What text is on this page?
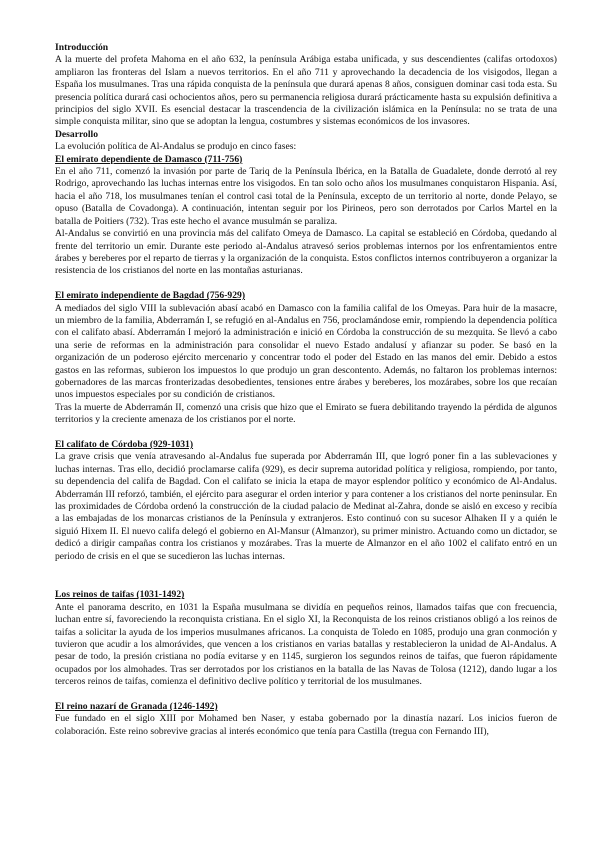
Introducción

A la muerte del profeta Mahoma en el año 632, la península Arábiga estaba unificada, y sus descendientes (califas ortodoxos) ampliaron las fronteras del Islam a nuevos territorios. En el año 711 y aprovechando la decadencia de los visigodos, llegan a España los musulmanes. Tras una rápida conquista de la península que durará apenas 8 años, consiguen dominar casi toda esta. Su presencia política durará casi ochocientos años, pero su permanencia religiosa durará prácticamente hasta su expulsión definitiva a principios del siglo XVII. Es esencial destacar la trascendencia de la civilización islámica en la Península: no se trata de una simple conquista militar, sino que se adoptan la lengua, costumbres y sistemas económicos de los invasores.

Desarrollo

La evolución política de Al-Andalus se produjo en cinco fases:

El emirato dependiente de Damasco (711-756)

En el año 711, comenzó la invasión por parte de Tariq de la Península Ibérica, en la Batalla de Guadalete, donde derrotó al rey Rodrigo, aprovechando las luchas internas entre los visigodos. En tan solo ocho años los musulmanes conquistaron Hispania. Así, hacia el año 718, los musulmanes tenían el control casi total de la Península, excepto de un territorio al norte, donde Pelayo, se opuso (Batalla de Covadonga). A continuación, intentan seguir por los Pirineos, pero son derrotados por Carlos Martel en la batalla de Poitiers (732). Tras este hecho el avance musulmán se paraliza.

Al-Andalus se convirtió en una provincia más del califato Omeya de Damasco. La capital se estableció en Córdoba, quedando al frente del territorio un emir. Durante este periodo al-Andalus atravesó serios problemas internos por los enfrentamientos entre árabes y bereberes por el reparto de tierras y la organización de la conquista. Estos conflictos internos contribuyeron a organizar la resistencia de los cristianos del norte en las montañas asturianas.

El emirato independiente de Bagdad (756-929)

A mediados del siglo VIII la sublevación abasí acabó en Damasco con la familia califal de los Omeyas. Para huir de la masacre, un miembro de la familia, Abderramán I, se refugió en al-Andalus en 756, proclamándose emir, rompiendo la dependencia política con el califato abasí. Abderramán I mejoró la administración e inició en Córdoba la construcción de su mezquita. Se llevó a cabo una serie de reformas en la administración para consolidar el nuevo Estado andalusí y afianzar su poder. Se basó en la organización de un poderoso ejército mercenario y concentrar todo el poder del Estado en las manos del emir. Debido a estos gastos en las reformas, subieron los impuestos lo que produjo un gran descontento. Además, no faltaron los problemas internos: gobernadores de las marcas fronterizadas desobedientes, tensiones entre árabes y bereberes, los mozárabes, sobre los que recaían unos impuestos especiales por su condición de cristianos.

Tras la muerte de Abderramán II, comenzó una crisis que hizo que el Emirato se fuera debilitando trayendo la pérdida de algunos territorios y la creciente amenaza de los cristianos por el norte.

El califato de Córdoba (929-1031)

La grave crisis que venía atravesando al-Andalus fue superada por Abderramán III, que logró poner fin a las sublevaciones y luchas internas. Tras ello, decidió proclamarse califa (929), es decir suprema autoridad política y religiosa, rompiendo, por tanto, su dependencia del califa de Bagdad. Con el califato se inicia la etapa de mayor esplendor político y económico de Al-Andalus. Abderramán III reforzó, también, el ejército para asegurar el orden interior y para contener a los cristianos del norte peninsular. En las proximidades de Córdoba ordenó la construcción de la ciudad palacio de Medinat al-Zahra, donde se aisló en exceso y recibía a las embajadas de los monarcas cristianos de la Península y extranjeros. Esto continuó con su sucesor Alhaken II y a quién le siguió Hixem II. El nuevo califa delegó el gobierno en Al-Mansur (Almanzor), su primer ministro. Actuando como un dictador, se dedicó a dirigir campañas contra los cristianos y mozárabes. Tras la muerte de Almanzor en el año 1002 el califato entró en un periodo de crisis en el que se sucedieron las luchas internas.

Los reinos de taifas (1031-1492)

Ante el panorama descrito, en 1031 la España musulmana se dividía en pequeños reinos, llamados taifas que con frecuencia, luchan entre sí, favoreciendo la reconquista cristiana. En el siglo XI, la Reconquista de los reinos cristianos obligó a los reinos de taifas a solicitar la ayuda de los imperios musulmanes africanos. La conquista de Toledo en 1085, produjo una gran conmoción y tuvieron que acudir a los almorávides, que vencen a los cristianos en varias batallas y restablecieron la unidad de Al-Andalus. A pesar de todo, la presión cristiana no podía evitarse y en 1145, surgieron los segundos reinos de taifas, que fueron rápidamente ocupados por los almohades. Tras ser derrotados por los cristianos en la batalla de las Navas de Tolosa (1212), dando lugar a los terceros reinos de taifas, comienza el definitivo declive político y territorial de los musulmanes.

El reino nazarí de Granada (1246-1492)

Fue fundado en el siglo XIII por Mohamed ben Naser, y estaba gobernado por la dinastía nazarí. Los inicios fueron de colaboración. Este reino sobrevive gracias al interés económico que tenía para Castilla (tregua con Fernando III),
